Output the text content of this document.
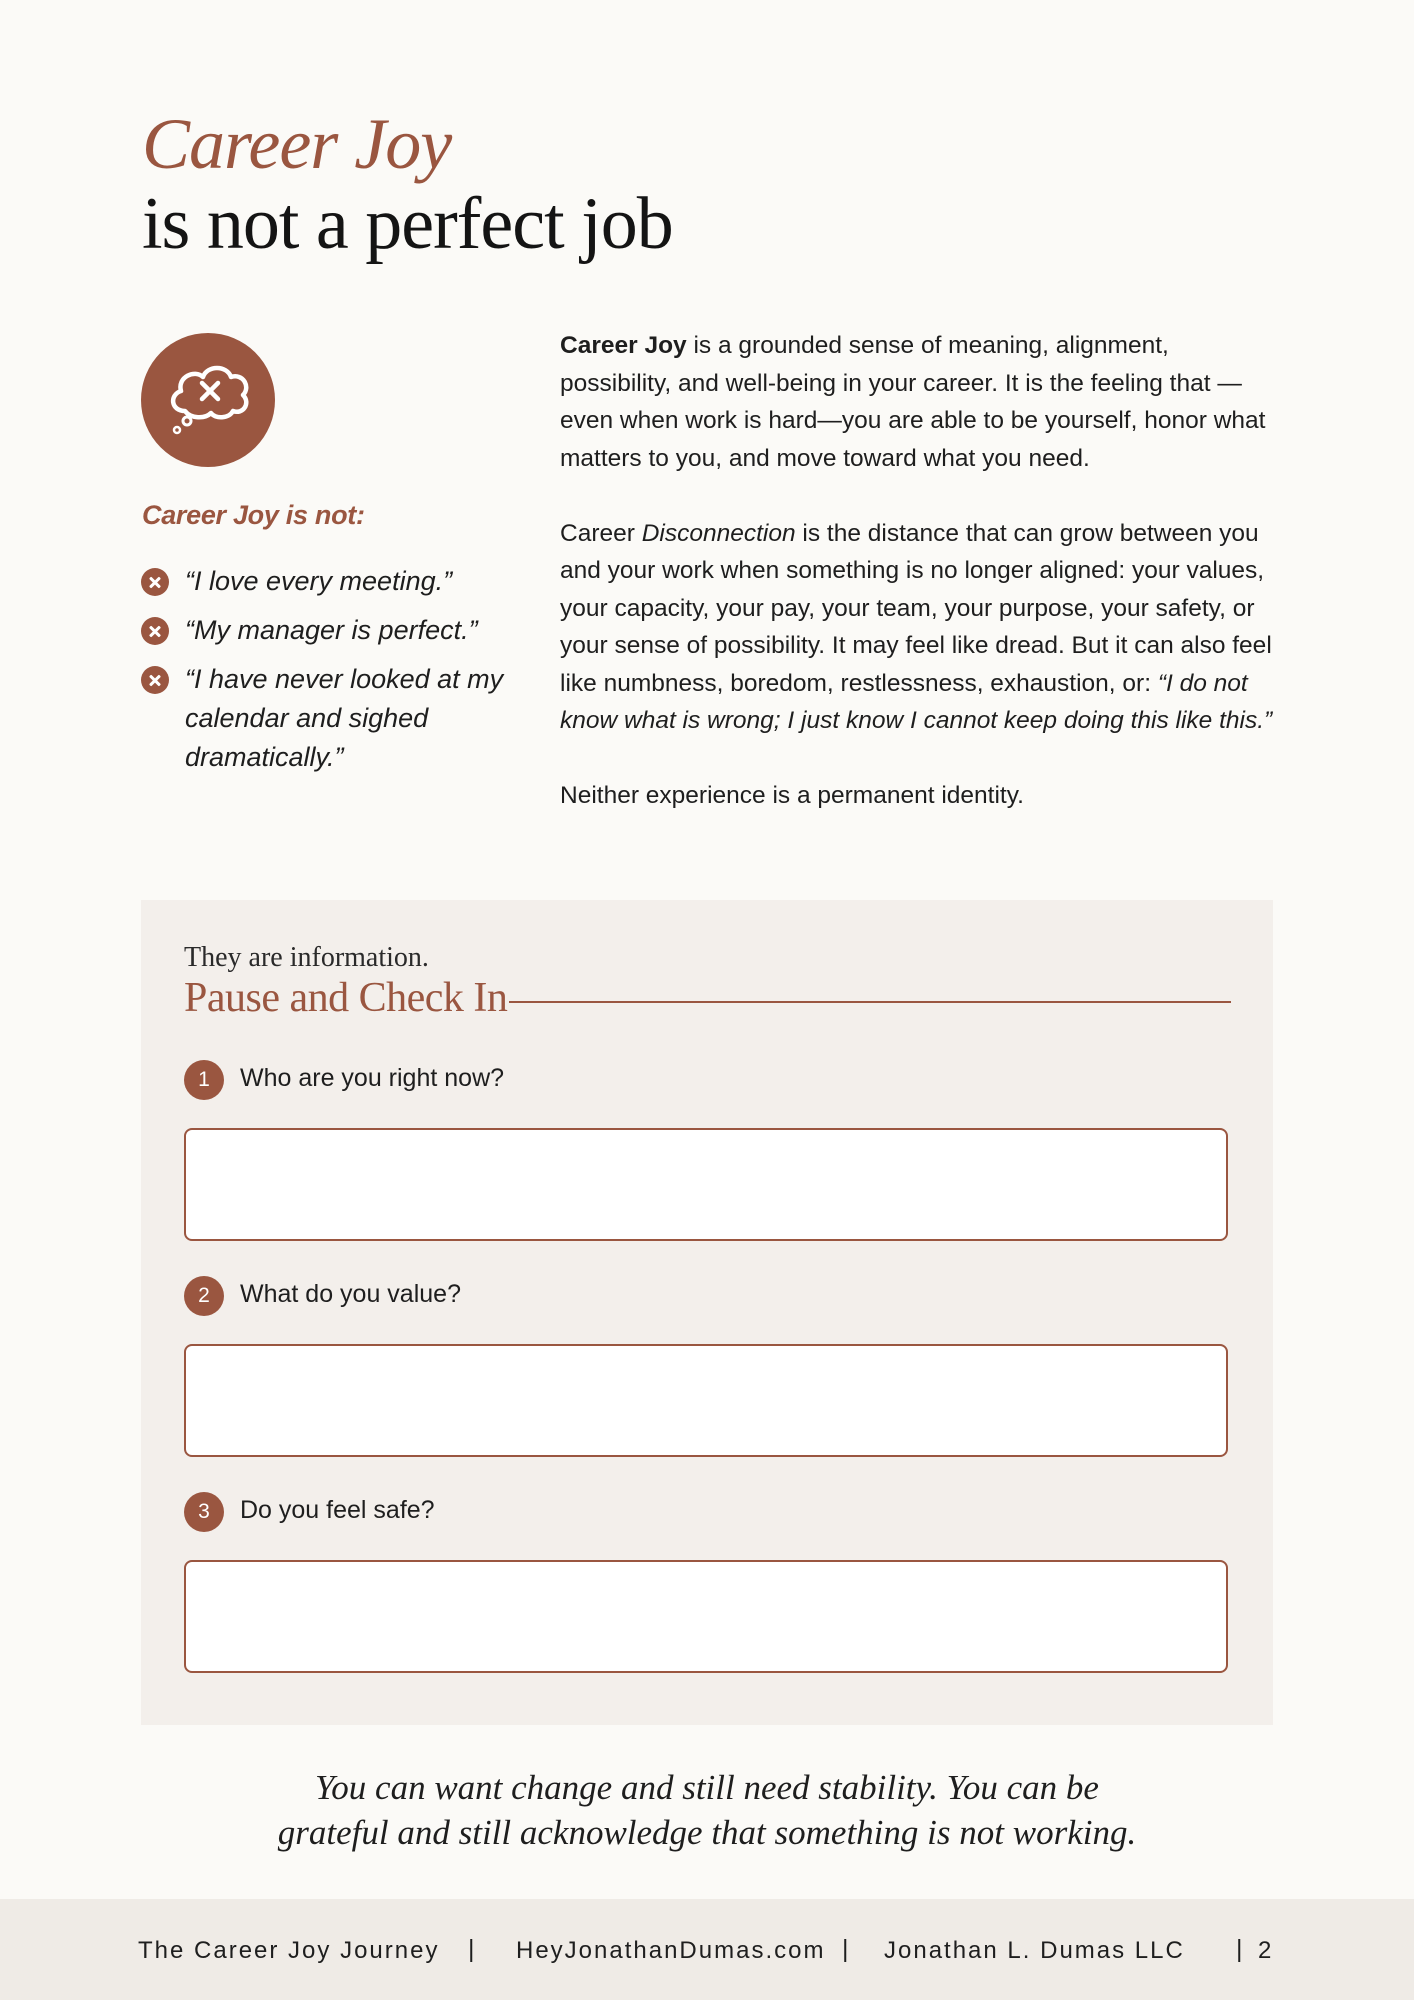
Career Joy
is not a perfect job
Career Joy is not:
“I love every meeting.”
“My manager is perfect.”
“I have never looked at my calendar and sighed dramatically.”

Career Joy is a grounded sense of meaning, alignment, possibility, and well-being in your career. It is the feeling that —even when work is hard—you are able to be yourself, honor what matters to you, and move toward what you need.

Career Disconnection is the distance that can grow between you and your work when something is no longer aligned: your values, your capacity, your pay, your team, your purpose, your safety, or your sense of possibility. It may feel like dread. But it can also feel like numbness, boredom, restlessness, exhaustion, or: “I do not know what is wrong; I just know I cannot keep doing this like this.”

Neither experience is a permanent identity.

They are information.
Pause and Check In
1	Who are you right now?
2	What do you value?
3	Do you feel safe?
You can want change and still need stability. You can be
grateful and still acknowledge that something is not working.
The Career Joy Journey | HeyJonathanDumas.com | Jonathan L. Dumas LLC | 2
